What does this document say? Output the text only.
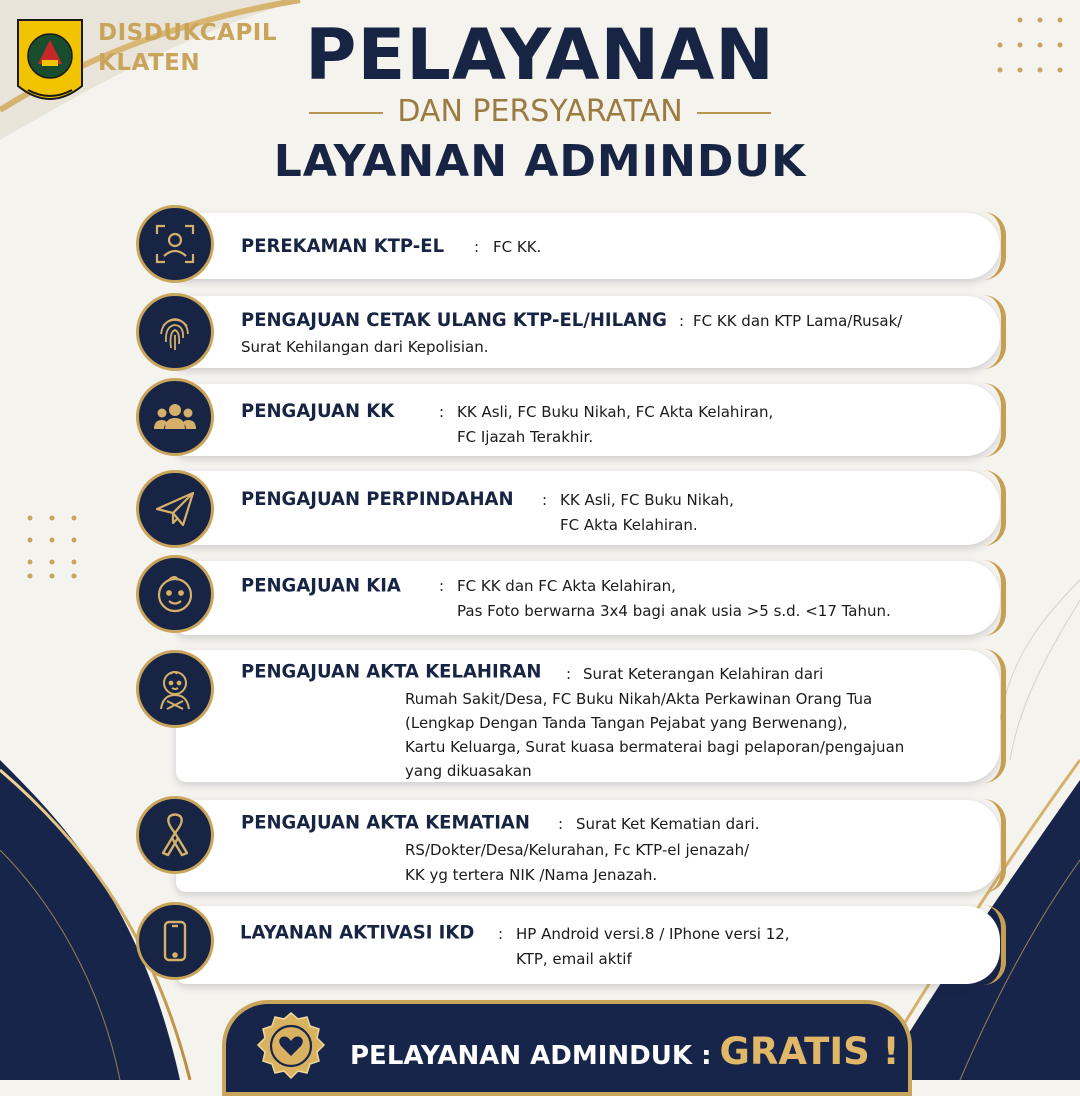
DISDUKCAPIL
KLATEN	PELAYANAN
DAN PERSYARATAN
LAYANAN ADMINDUK
PEREKAMAN KTP-EL : FC KK.
PENGAJUAN CETAK ULANG KTP-EL/HILANG : FC KK dan KTP Lama/Rusak/
Surat Kehilangan dari Kepolisian.
PENGAJUAN KK	: KK Asli, FC Buku Nikah, FC Akta Kelahiran,
FC Ijazah Terakhir.
PENGAJUAN PERPINDAHAN : KK Asli, FC Buku Nikah,
FC Akta Kelahiran.
PENGAJUAN KIA	: FC KK dan FC Akta Kelahiran,
Pas Foto berwarna 3x4 bagi anak usia >5 s.d. <17 Tahun.
PENGAJUAN AKTA KELAHIRAN : Surat Keterangan Kelahiran dari
Rumah Sakit/Desa, FC Buku Nikah/Akta Perkawinan Orang Tua
(Lengkap Dengan Tanda Tangan Pejabat yang Berwenang),
Kartu Keluarga, Surat kuasa bermaterai bagi pelaporan/pengajuan
yang dikuasakan
PENGAJUAN AKTA KEMATIAN : Surat Ket Kematian dari.
RS/Dokter/Desa/Kelurahan, Fc KTP-el jenazah/
KK yg tertera NIK /Nama Jenazah.
LAYANAN AKTIVASI IKD : HP Android versi.8 / IPhone versi 12,
KTP, email aktif
PELAYANAN ADMINDUK : GRATIS !
